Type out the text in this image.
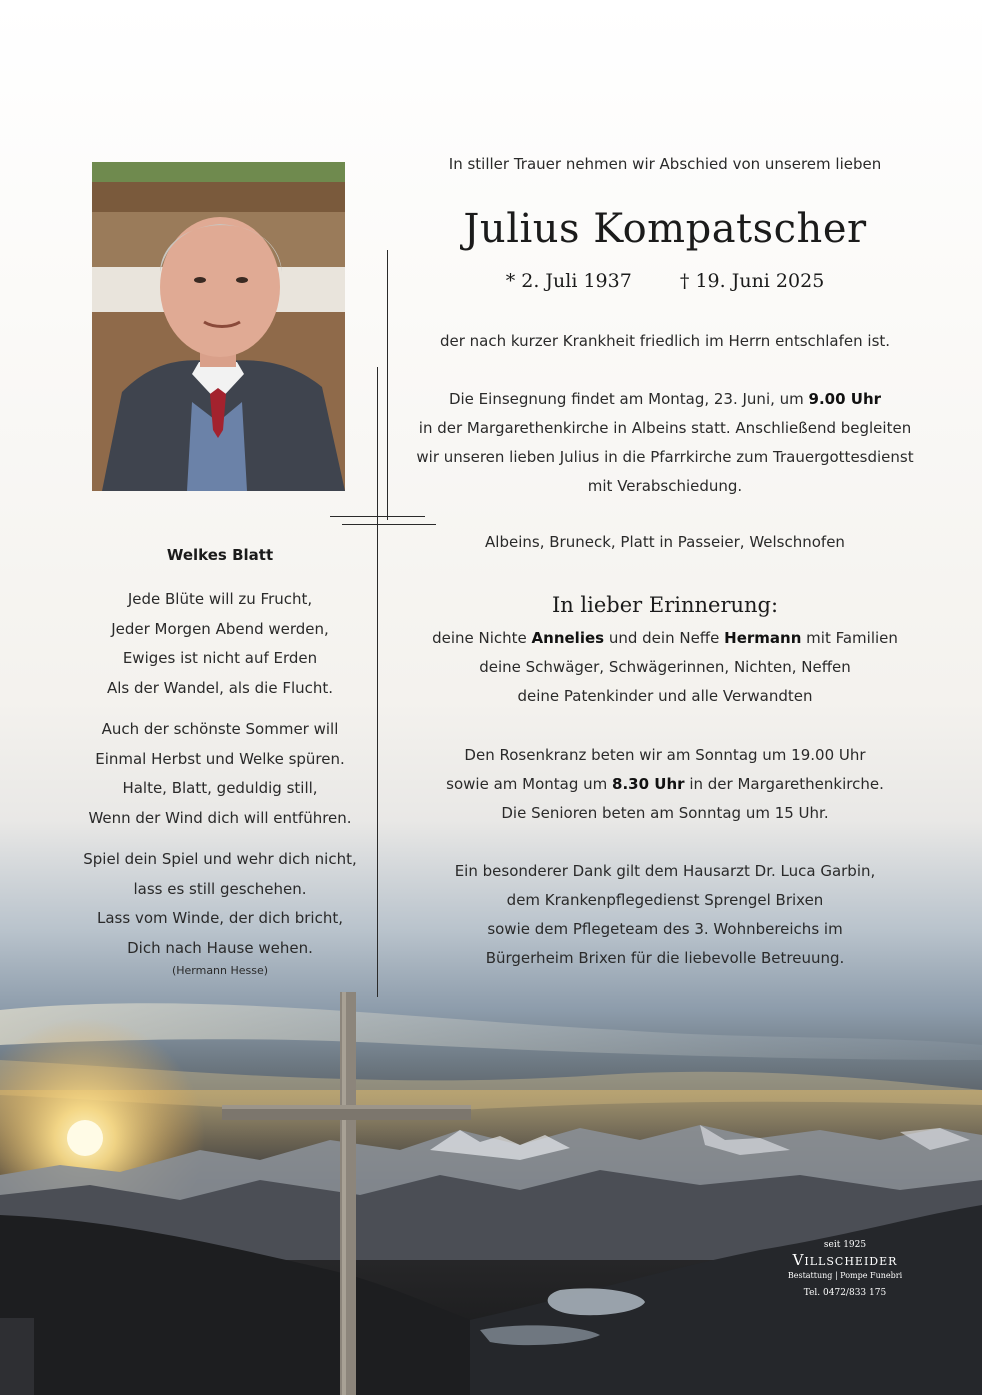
In stiller Trauer nehmen wir Abschied von unserem lieben
Julius Kompatscher
* 2. Juli 1937	† 19. Juni 2025
der nach kurzer Krankheit friedlich im Herrn entschlafen ist.
Die Einsegnung findet am Montag, 23. Juni, um 9.00 Uhr
in der Margarethenkirche in Albeins statt. Anschließend begleiten
wir unseren lieben Julius in die Pfarrkirche zum Trauergottesdienst
mit Verabschiedung.
Albeins, Bruneck, Platt in Passeier, Welschnofen
In lieber Erinnerung:
deine Nichte Annelies und dein Neffe Hermann mit Familien
deine Schwäger, Schwägerinnen, Nichten, Neffen
deine Patenkinder und alle Verwandten
Den Rosenkranz beten wir am Sonntag um 19.00 Uhr
sowie am Montag um 8.30 Uhr in der Margarethenkirche.
Die Senioren beten am Sonntag um 15 Uhr.
Ein besonderer Dank gilt dem Hausarzt Dr. Luca Garbin,
dem Krankenpflegedienst Sprengel Brixen
sowie dem Pflegeteam des 3. Wohnbereichs im
Bürgerheim Brixen für die liebevolle Betreuung.
Welkes Blatt
Jede Blüte will zu Frucht,
Jeder Morgen Abend werden,
Ewiges ist nicht auf Erden
Als der Wandel, als die Flucht.
Auch der schönste Sommer will
Einmal Herbst und Welke spüren.
Halte, Blatt, geduldig still,
Wenn der Wind dich will entführen.
Spiel dein Spiel und wehr dich nicht,
lass es still geschehen.
Lass vom Winde, der dich bricht,
Dich nach Hause wehen.
(Hermann Hesse)
seit 1925
Villscheider
Bestattung | Pompe Funebri
Tel. 0472/833 175
